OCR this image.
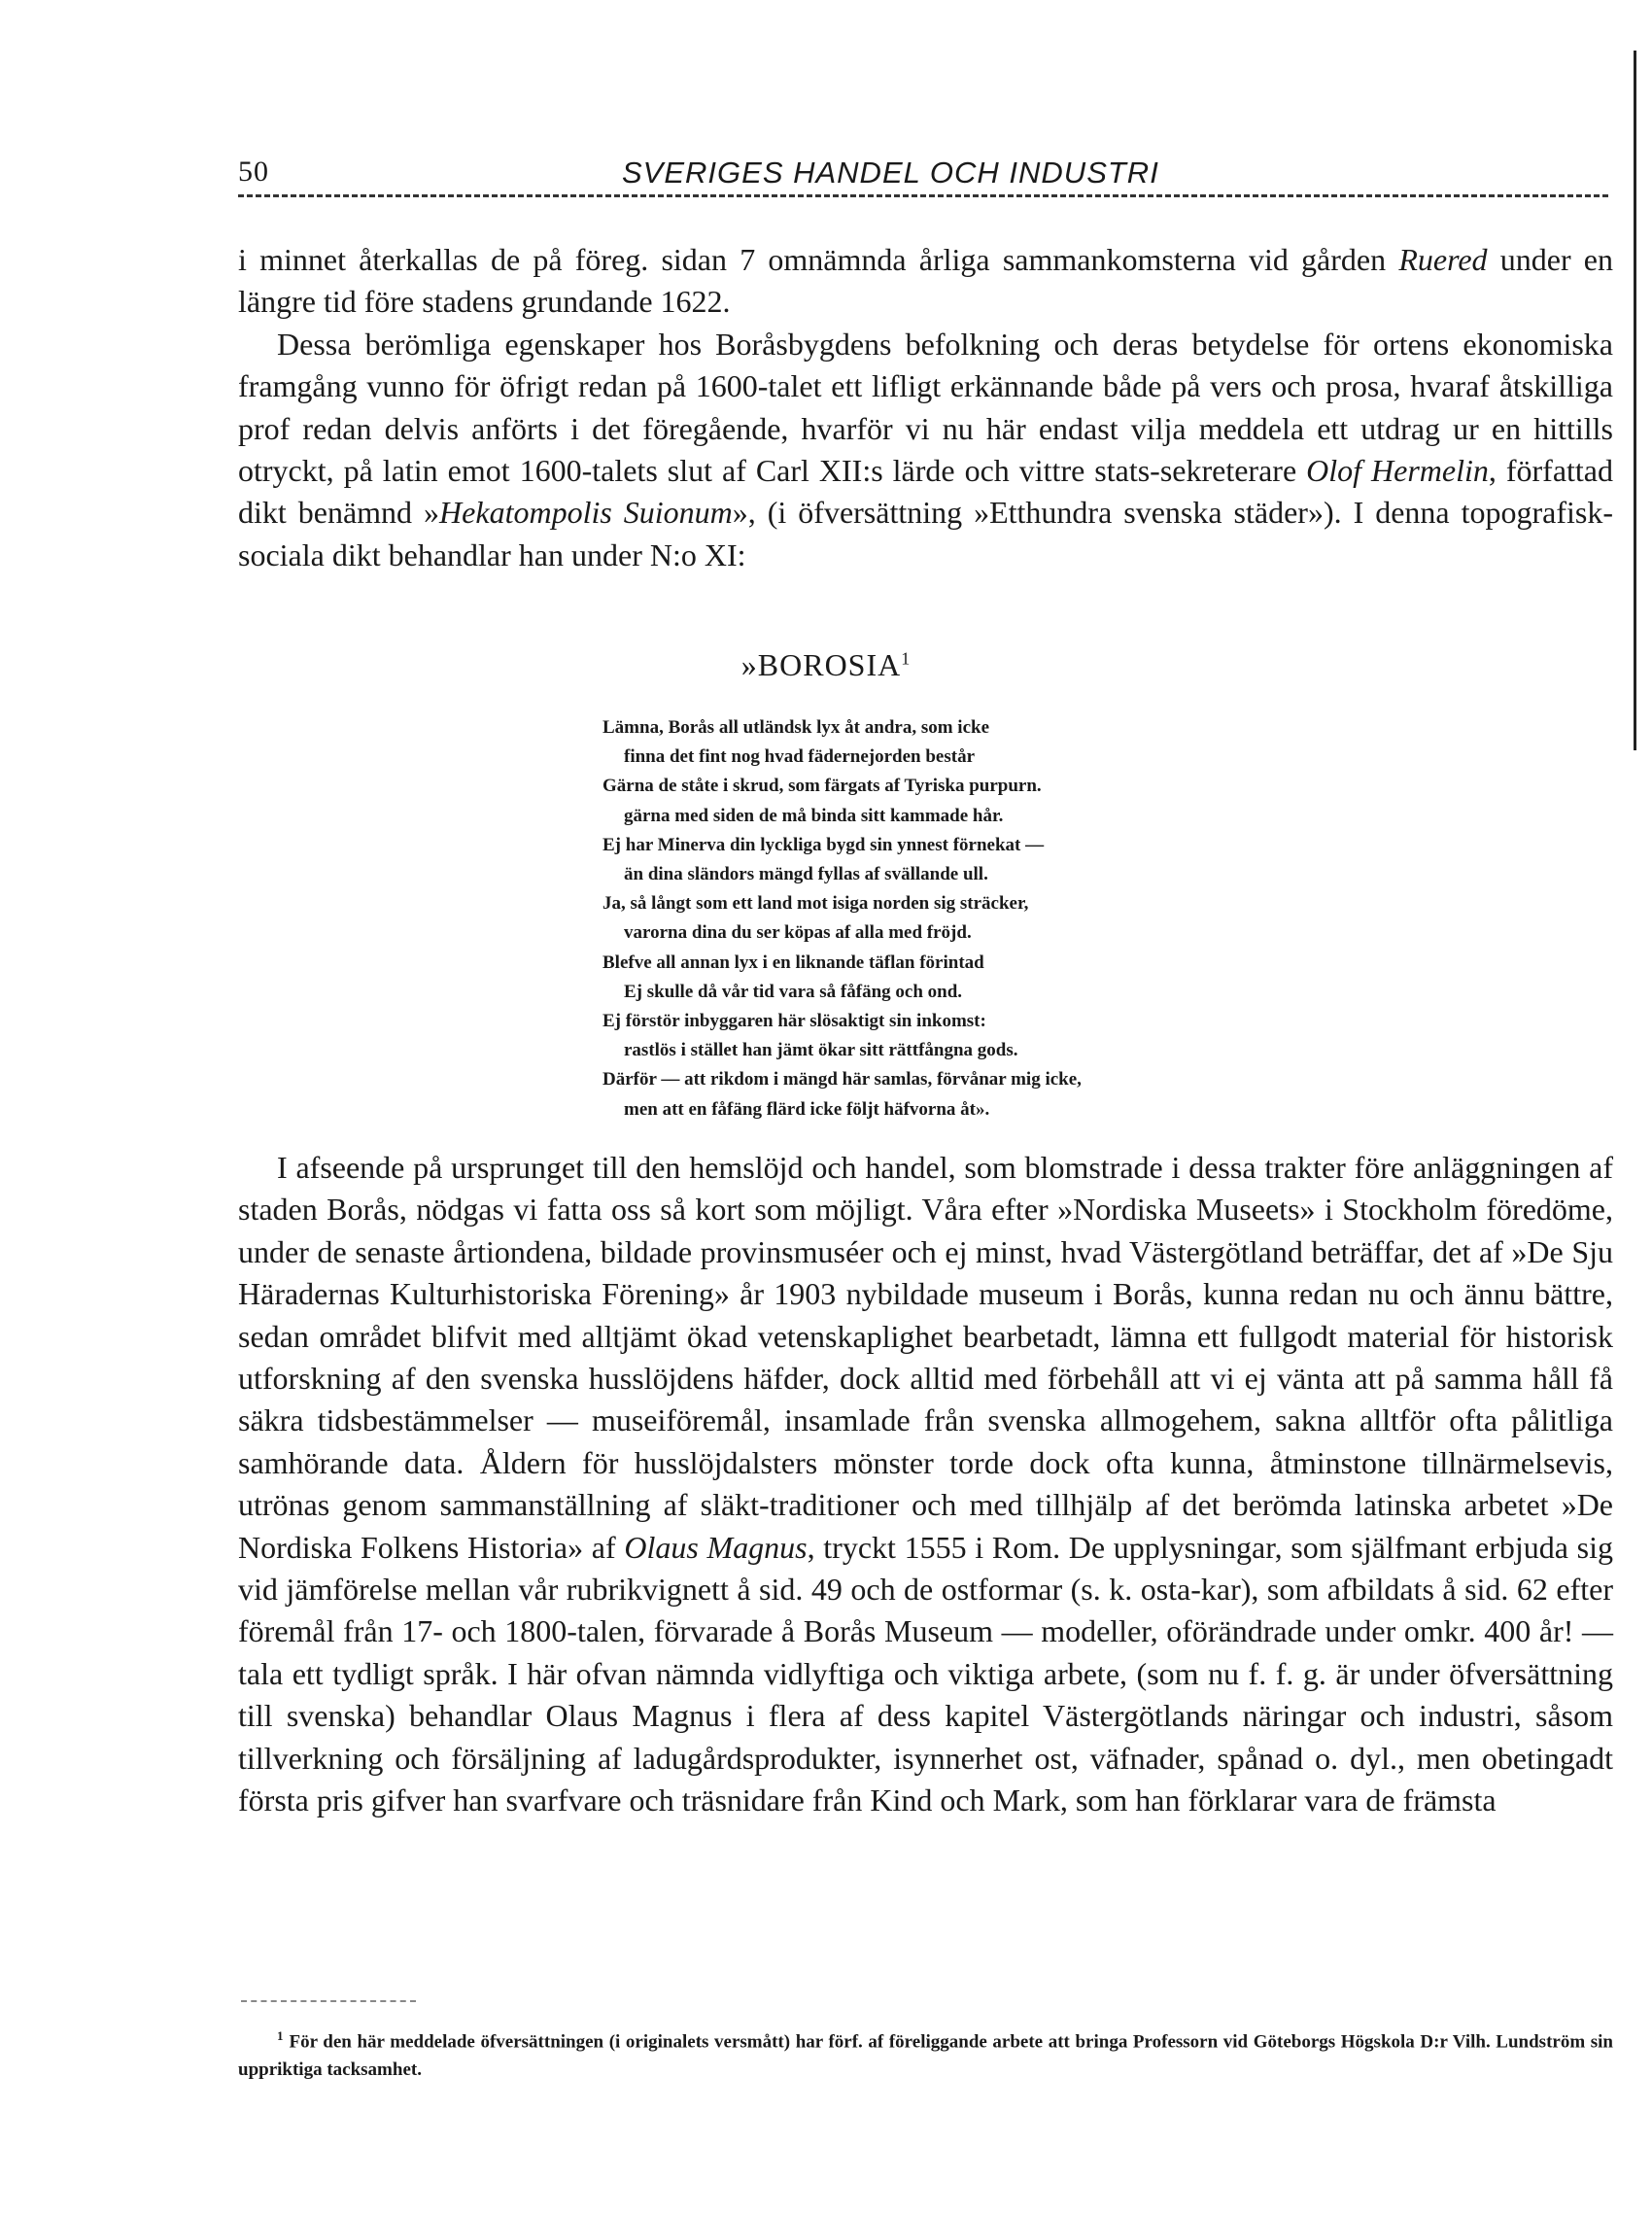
50	SVERIGES HANDEL OCH INDUSTRI

i minnet återkallas de på föreg. sidan 7 omnämnda årliga sammankomsterna vid gården Ruered under en längre tid före stadens grundande 1622.

Dessa berömliga egenskaper hos Boråsbygdens befolkning och deras betydelse för ortens ekonomiska framgång vunno för öfrigt redan på 1600-talet ett lifligt erkännande både på vers och prosa, hvaraf åtskilliga prof redan delvis anförts i det föregående, hvarför vi nu här endast vilja meddela ett utdrag ur en hittills otryckt, på latin emot 1600-talets slut af Carl XII:s lärde och vittre stats-sekreterare Olof Hermelin, författad dikt benämnd »Hekatompolis Suionum», (i öfversättning »Etthundra svenska städer»). I denna topografisk-sociala dikt behandlar han under N:o XI:

»BOROSIA$^1$
Lämna, Borås all utländsk lyx åt andra, som icke
finna det fint nog hvad fädernejorden består
Gärna de ståte i skrud, som färgats af Tyriska purpurn.
gärna med siden de må binda sitt kammade hår.
Ej har Minerva din lyckliga bygd sin ynnest förnekat —
än dina sländors mängd fyllas af svällande ull.
Ja, så långt som ett land mot isiga norden sig sträcker,
varorna dina du ser köpas af alla med fröjd.
Blefve all annan lyx i en liknande täflan förintad
Ej skulle då vår tid vara så fåfäng och ond.
Ej förstör inbyggaren här slösaktigt sin inkomst:
rastlös i stället han jämt ökar sitt rättfångna gods.
Därför — att rikdom i mängd här samlas, förvånar mig icke,
men att en fåfäng flärd icke följt häfvorna åt».

I afseende på ursprunget till den hemslöjd och handel, som blomstrade i dessa trakter före anläggningen af staden Borås, nödgas vi fatta oss så kort som möjligt. Våra efter »Nordiska Museets» i Stockholm föredöme, under de senaste årtiondena, bildade provinsmuséer och ej minst, hvad Västergötland beträffar, det af »De Sju Häradernas Kulturhistoriska Förening» år 1903 nybildade museum i Borås, kunna redan nu och ännu bättre, sedan området blifvit med alltjämt ökad vetenskaplighet bearbetadt, lämna ett fullgodt material för historisk utforskning af den svenska husslöjdens häfder, dock alltid med förbehåll att vi ej vänta att på samma håll få säkra tidsbestämmelser — museiföremål, insamlade från svenska allmogehem, sakna alltför ofta pålitliga samhörande data. Åldern för husslöjdalsters mönster torde dock ofta kunna, åtminstone tillnärmelsevis, utrönas genom sammanställning af släkt-traditioner och med tillhjälp af det berömda latinska arbetet »De Nordiska Folkens Historia» af Olaus Magnus, tryckt 1555 i Rom. De upplysningar, som själfmant erbjuda sig vid jämförelse mellan vår rubrikvignett å sid. 49 och de ostformar (s. k. osta-kar), som afbildats å sid. 62 efter föremål från 17- och 1800-talen, förvarade å Borås Museum — modeller, oförändrade under omkr. 400 år! — tala ett tydligt språk. I här ofvan nämnda vidlyftiga och viktiga arbete, (som nu f. f. g. är under öfversättning till svenska) behandlar Olaus Magnus i flera af dess kapitel Västergötlands näringar och industri, såsom tillverkning och försäljning af ladugårdsprodukter, isynnerhet ost, väfnader, spånad o. dyl., men obetingadt första pris gifver han svarfvare och träsnidare från Kind och Mark, som han förklarar vara de främsta

$^1$ För den här meddelade öfversättningen (i originalets versmått) har förf. af föreliggande arbete att bringa Professorn vid Göteborgs Högskola D:r Vilh. Lundström sin uppriktiga tacksamhet.
